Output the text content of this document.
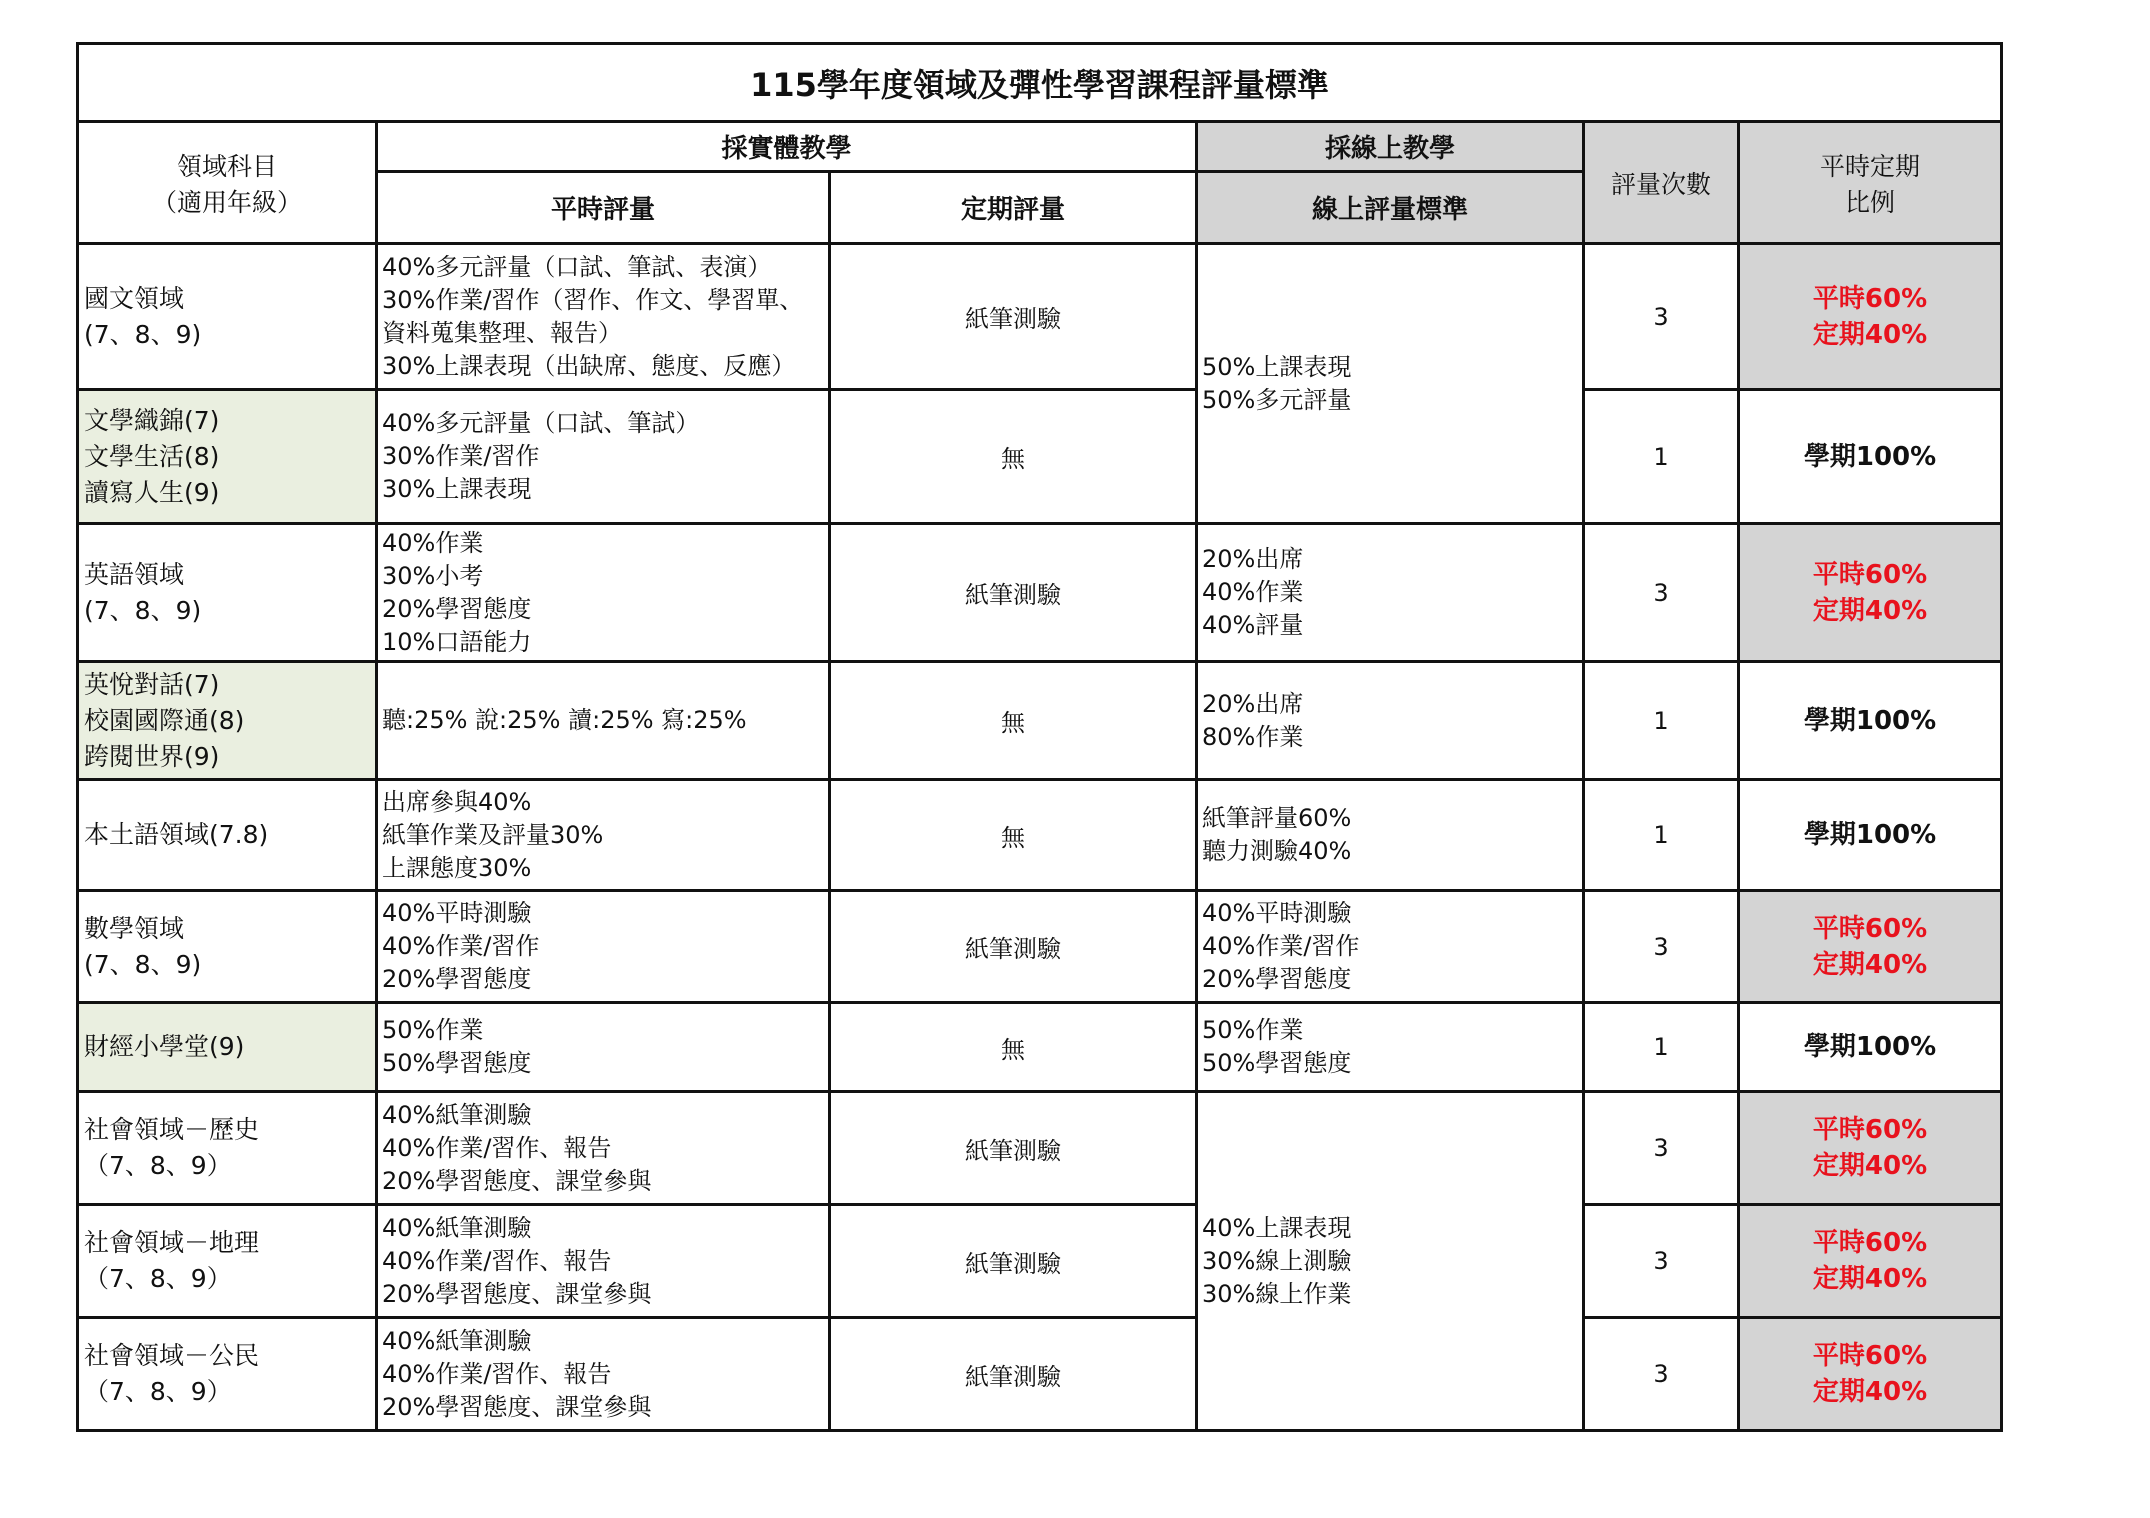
115學年度領域及彈性學習課程評量標準					

領域科目
（適用年級）	採實體教學		採線上教學	評量次數	平時定期
比例

	平時評量	定期評量	線上評量標準		

國文領域
(7、8、9)	40%多元評量（口試、筆試、表演）
30%作業/習作（習作、作文、學習單、
資料蒐集整理、報告）
30%上課表現（出缺席、態度、反應）	紙筆測驗	50%上課表現
50%多元評量	3	平時60%
定期40%

文學織錦(7)
文學生活(8)
讀寫人生(9)	40%多元評量（口試、筆試）
30%作業/習作
30%上課表現	無		1	學期100%

英語領域
(7、8、9)	40%作業
30%小考
20%學習態度
10%口語能力	紙筆測驗	20%出席
40%作業
40%評量	3	平時60%
定期40%

英悅對話(7)
校園國際通(8)
跨閱世界(9)	聽:25% 說:25% 讀:25% 寫:25%	無	20%出席
80%作業	1	學期100%

本土語領域(7.8)	出席參與40%
紙筆作業及評量30%
上課態度30%	無	紙筆評量60%
聽力測驗40%	1	學期100%

數學領域
(7、8、9)	40%平時測驗
40%作業/習作
20%學習態度	紙筆測驗	40%平時測驗
40%作業/習作
20%學習態度	3	平時60%
定期40%

財經小學堂(9)	50%作業
50%學習態度	無	50%作業
50%學習態度	1	學期100%

社會領域－歷史
（7、8、9）	40%紙筆測驗
40%作業/習作、報告
20%學習態度、課堂參與	紙筆測驗	40%上課表現
30%線上測驗
30%線上作業	3	平時60%
定期40%

社會領域－地理
（7、8、9）	40%紙筆測驗
40%作業/習作、報告
20%學習態度、課堂參與	紙筆測驗		3	平時60%
定期40%

社會領域－公民
（7、8、9）	40%紙筆測驗
40%作業/習作、報告
20%學習態度、課堂參與	紙筆測驗		3	平時60%
定期40%
